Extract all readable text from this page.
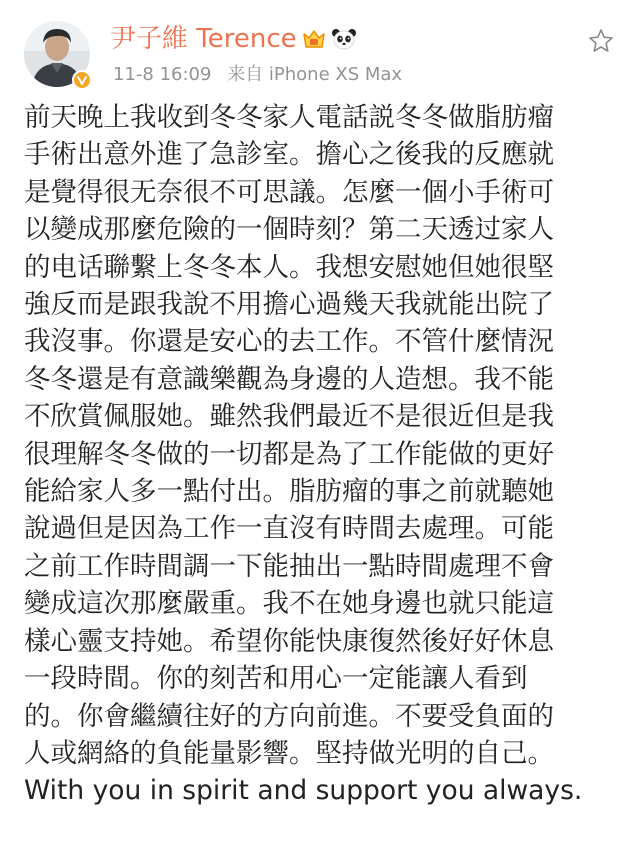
尹子維 Terence
11-8 16:09 来自 iPhone XS Max
前天晚上我收到冬冬家人電話説冬冬做脂肪瘤
手術出意外進了急診室。擔心之後我的反應就
是覺得很无奈很不可思議。怎麼一個小手術可
以變成那麼危險的一個時刻？第二天透过家人
的电话聯繫上冬冬本人。我想安慰她但她很堅
強反而是跟我說不用擔心過幾天我就能出院了
我沒事。你還是安心的去工作。不管什麼情況
冬冬還是有意識樂觀為身邊的人造想。我不能
不欣賞佩服她。雖然我們最近不是很近但是我
很理解冬冬做的一切都是為了工作能做的更好
能給家人多一點付出。脂肪瘤的事之前就聽她
說過但是因為工作一直沒有時間去處理。可能
之前工作時間調一下能抽出一點時間處理不會
變成這次那麼嚴重。我不在她身邊也就只能這
樣心靈支持她。希望你能快康復然後好好休息
一段時間。你的刻苦和用心一定能讓人看到
的。你會繼續往好的方向前進。不要受負面的
人或網絡的負能量影響。堅持做光明的自己。
With you in spirit and support you always.
